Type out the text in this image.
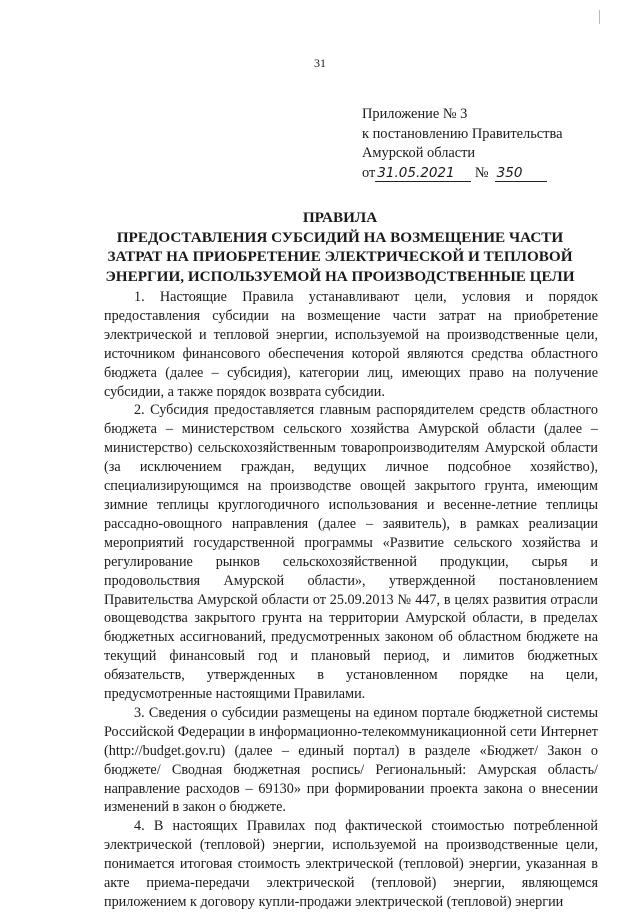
31
Приложение № 3
к постановлению Правительства
Амурской области
от 31.05.2021 № 350
ПРАВИЛА
ПРЕДОСТАВЛЕНИЯ СУБСИДИЙ НА ВОЗМЕЩЕНИЕ ЧАСТИ
ЗАТРАТ НА ПРИОБРЕТЕНИЕ ЭЛЕКТРИЧЕСКОЙ И ТЕПЛОВОЙ
ЭНЕРГИИ, ИСПОЛЬЗУЕМОЙ НА ПРОИЗВОДСТВЕННЫЕ ЦЕЛИ

1. Настоящие Правила устанавливают цели, условия и порядок предоставления субсидии на возмещение части затрат на приобретение электрической и тепловой энергии, используемой на производственные цели, источником финансового обеспечения которой являются средства областного бюджета (далее – субсидия), категории лиц, имеющих право на получение субсидии, а также порядок возврата субсидии.

2. Субсидия предоставляется главным распорядителем средств областного бюджета – министерством сельского хозяйства Амурской области (далее – министерство) сельскохозяйственным товаропроизводителям Амурской области (за исключением граждан, ведущих личное подсобное хозяйство), специализирующимся на производстве овощей закрытого грунта, имеющим зимние теплицы круглогодичного использования и весенне-летние теплицы рассадно-овощного направления (далее – заявитель), в рамках реализации мероприятий государственной программы «Развитие сельского хозяйства и регулирование рынков сельскохозяйственной продукции, сырья и продовольствия Амурской области», утвержденной постановлением Правительства Амурской области от 25.09.2013 № 447, в целях развития отрасли овощеводства закрытого грунта на территории Амурской области, в пределах бюджетных ассигнований, предусмотренных законом об областном бюджете на текущий финансовый год и плановый период, и лимитов бюджетных обязательств, утвержденных в установленном порядке на цели, предусмотренные настоящими Правилами.

3. Сведения о субсидии размещены на едином портале бюджетной системы Российской Федерации в информационно-телекоммуникационной сети Интернет (http://budget.gov.ru) (далее – единый портал) в разделе «Бюджет/ Закон о бюджете/ Сводная бюджетная роспись/ Региональный: Амурская область/ направление расходов – 69130» при формировании проекта закона о внесении изменений в закон о бюджете.

4. В настоящих Правилах под фактической стоимостью потребленной электрической (тепловой) энергии, используемой на производственные цели, понимается итоговая стоимость электрической (тепловой) энергии, указанная в акте приема-передачи электрической (тепловой) энергии, являющемся приложением к договору купли-продажи электрической (тепловой) энергии
